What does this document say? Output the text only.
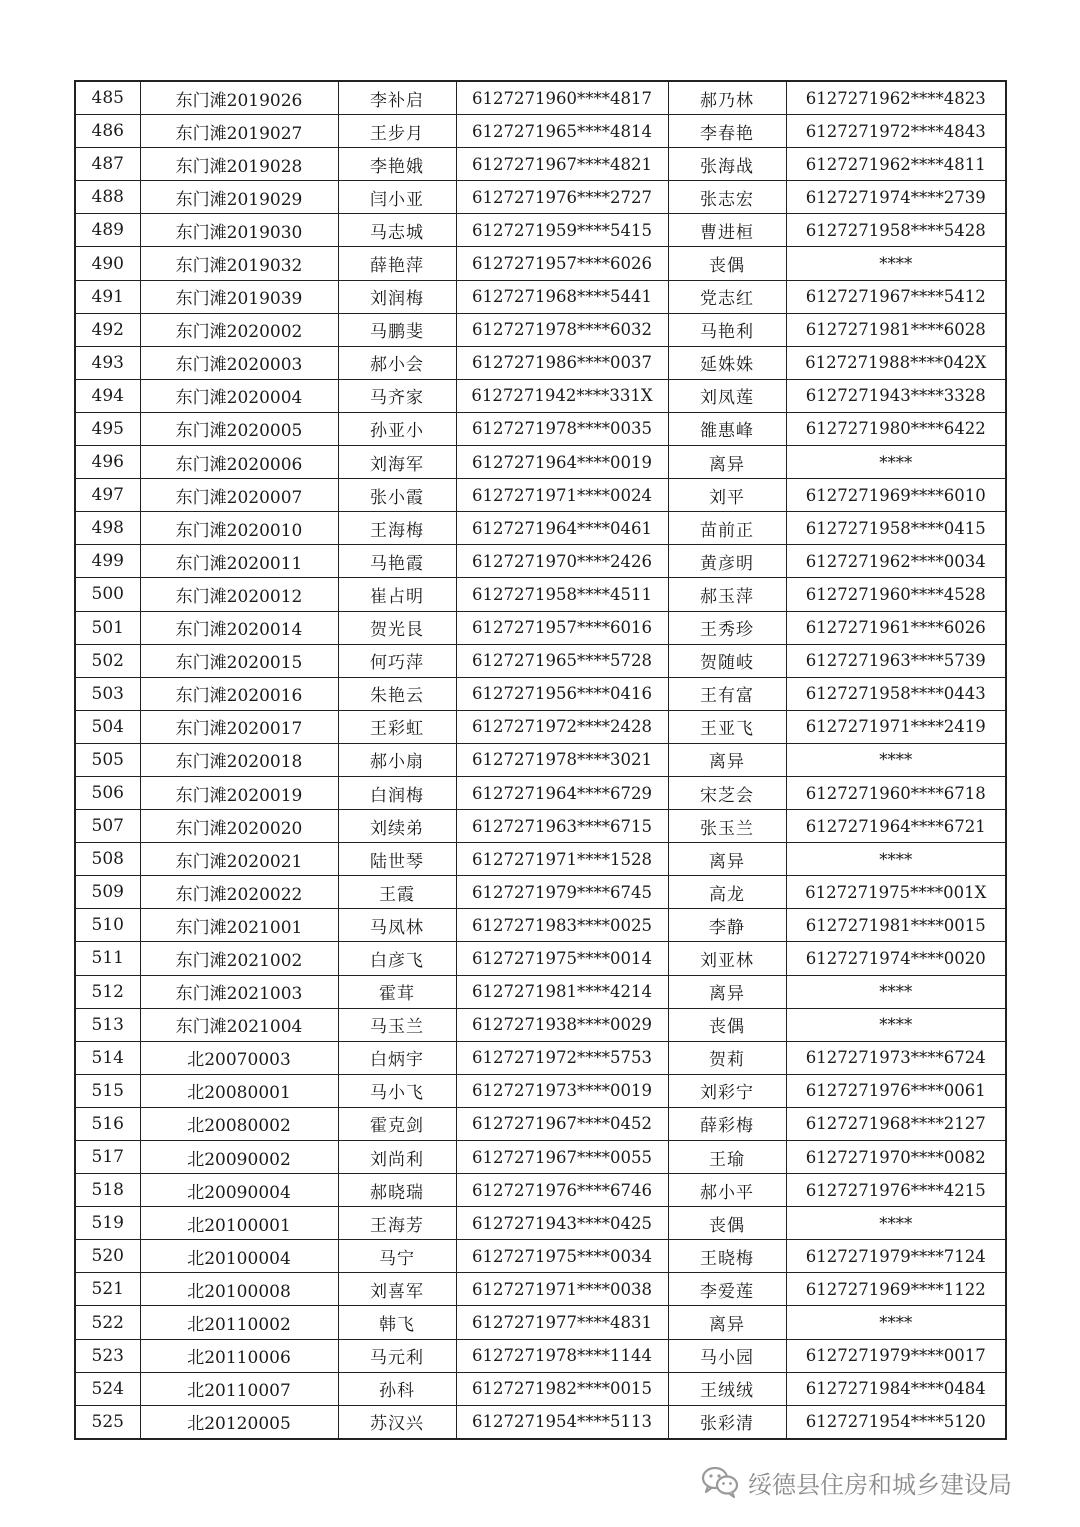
485	东门滩2019026	李补启	6127271960****4817	郝乃林	6127271962****4823
486	东门滩2019027	王步月	6127271965****4814	李春艳	6127271972****4843
487	东门滩2019028	李艳娥	6127271967****4821	张海战	6127271962****4811
488	东门滩2019029	闫小亚	6127271976****2727	张志宏	6127271974****2739
489	东门滩2019030	马志城	6127271959****5415	曹进桓	6127271958****5428
490	东门滩2019032	薛艳萍	6127271957****6026	丧偶	****
491	东门滩2019039	刘润梅	6127271968****5441	党志红	6127271967****5412
492	东门滩2020002	马鹏斐	6127271978****6032	马艳利	6127271981****6028
493	东门滩2020003	郝小会	6127271986****0037	延姝姝	6127271988****042X
494	东门滩2020004	马齐家	6127271942****331X	刘凤莲	6127271943****3328
495	东门滩2020005	孙亚小	6127271978****0035	雒惠峰	6127271980****6422
496	东门滩2020006	刘海军	6127271964****0019	离异	****
497	东门滩2020007	张小霞	6127271971****0024	刘平	6127271969****6010
498	东门滩2020010	王海梅	6127271964****0461	苗前正	6127271958****0415
499	东门滩2020011	马艳霞	6127271970****2426	黄彦明	6127271962****0034
500	东门滩2020012	崔占明	6127271958****4511	郝玉萍	6127271960****4528
501	东门滩2020014	贺光艮	6127271957****6016	王秀珍	6127271961****6026
502	东门滩2020015	何巧萍	6127271965****5728	贺随岐	6127271963****5739
503	东门滩2020016	朱艳云	6127271956****0416	王有富	6127271958****0443
504	东门滩2020017	王彩虹	6127271972****2428	王亚飞	6127271971****2419
505	东门滩2020018	郝小扇	6127271978****3021	离异	****
506	东门滩2020019	白润梅	6127271964****6729	宋芝会	6127271960****6718
507	东门滩2020020	刘续弟	6127271963****6715	张玉兰	6127271964****6721
508	东门滩2020021	陆世琴	6127271971****1528	离异	****
509	东门滩2020022	王霞	6127271979****6745	高龙	6127271975****001X
510	东门滩2021001	马凤林	6127271983****0025	李静	6127271981****0015
511	东门滩2021002	白彦飞	6127271975****0014	刘亚林	6127271974****0020
512	东门滩2021003	霍茸	6127271981****4214	离异	****
513	东门滩2021004	马玉兰	6127271938****0029	丧偶	****
514	北20070003	白炳宇	6127271972****5753	贺莉	6127271973****6724
515	北20080001	马小飞	6127271973****0019	刘彩宁	6127271976****0061
516	北20080002	霍克剑	6127271967****0452	薛彩梅	6127271968****2127
517	北20090002	刘尚利	6127271967****0055	王瑜	6127271970****0082
518	北20090004	郝晓瑞	6127271976****6746	郝小平	6127271976****4215
519	北20100001	王海芳	6127271943****0425	丧偶	****
520	北20100004	马宁	6127271975****0034	王晓梅	6127271979****7124
521	北20100008	刘喜军	6127271971****0038	李爱莲	6127271969****1122
522	北20110002	韩飞	6127271977****4831	离异	****
523	北20110006	马元利	6127271978****1144	马小园	6127271979****0017
524	北20110007	孙科	6127271982****0015	王绒绒	6127271984****0484
525	北20120005	苏汉兴	6127271954****5113	张彩清	6127271954****5120
绥德县住房和城乡建设局
